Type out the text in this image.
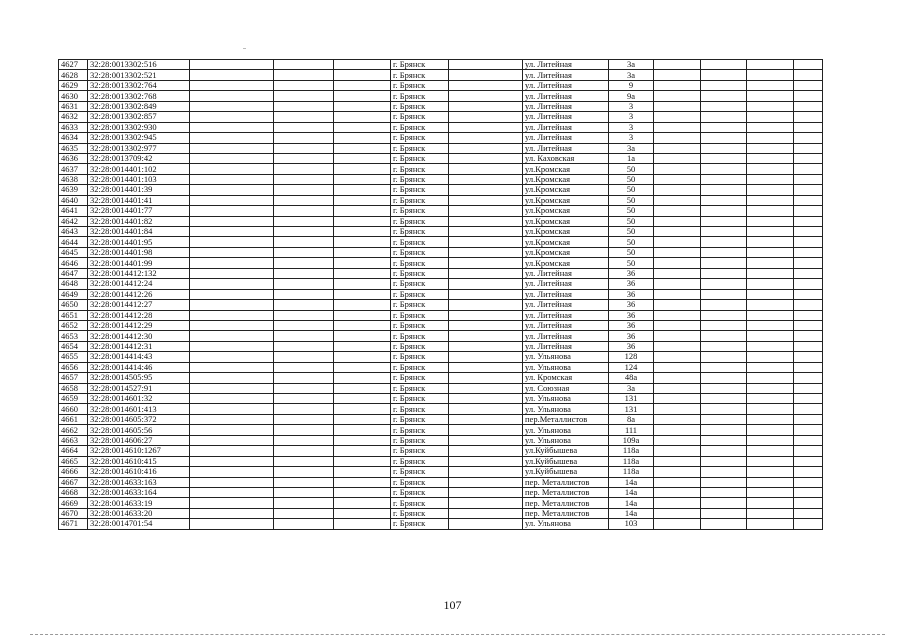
4627	32:28:0013302:516				г. Брянск		ул. Литейная	3а				
4628	32:28:0013302:521				г. Брянск		ул. Литейная	3а				
4629	32:28:0013302:764				г. Брянск		ул. Литейная	9				
4630	32:28:0013302:768				г. Брянск		ул. Литейная	9а				
4631	32:28:0013302:849				г. Брянск		ул. Литейная	3				
4632	32:28:0013302:857				г. Брянск		ул. Литейная	3				
4633	32:28:0013302:930				г. Брянск		ул. Литейная	3				
4634	32:28:0013302:945				г. Брянск		ул. Литейная	3				
4635	32:28:0013302:977				г. Брянск		ул. Литейная	3а				
4636	32:28:0013709:42				г. Брянск		ул. Каховская	1а				
4637	32:28:0014401:102				г. Брянск		ул.Кромская	50				
4638	32:28:0014401:103				г. Брянск		ул.Кромская	50				
4639	32:28:0014401:39				г. Брянск		ул.Кромская	50				
4640	32:28:0014401:41				г. Брянск		ул.Кромская	50				
4641	32:28:0014401:77				г. Брянск		ул.Кромская	50				
4642	32:28:0014401:82				г. Брянск		ул.Кромская	50				
4643	32:28:0014401:84				г. Брянск		ул.Кромская	50				
4644	32:28:0014401:95				г. Брянск		ул.Кромская	50				
4645	32:28:0014401:98				г. Брянск		ул.Кромская	50				
4646	32:28:0014401:99				г. Брянск		ул.Кромская	50				
4647	32:28:0014412:132				г. Брянск		ул. Литейная	36				
4648	32:28:0014412:24				г. Брянск		ул. Литейная	36				
4649	32:28:0014412:26				г. Брянск		ул. Литейная	36				
4650	32:28:0014412:27				г. Брянск		ул. Литейная	36				
4651	32:28:0014412:28				г. Брянск		ул. Литейная	36				
4652	32:28:0014412:29				г. Брянск		ул. Литейная	36				
4653	32:28:0014412:30				г. Брянск		ул. Литейная	36				
4654	32:28:0014412:31				г. Брянск		ул. Литейная	36				
4655	32:28:0014414:43				г. Брянск		ул. Ульянова	128				
4656	32:28:0014414:46				г. Брянск		ул. Ульянова	124				
4657	32:28:0014505:95				г. Брянск		ул. Кромская	48а				
4658	32:28:0014527:91				г. Брянск		ул. Союзная	3а				
4659	32:28:0014601:32				г. Брянск		ул. Ульянова	131				
4660	32:28:0014601:413				г. Брянск		ул. Ульянова	131				
4661	32:28:0014605:372				г. Брянск		пер.Металлистов	8а				
4662	32:28:0014605:56				г. Брянск		ул. Ульянова	111				
4663	32:28:0014606:27				г. Брянск		ул. Ульянова	109а				
4664	32:28:0014610:1267				г. Брянск		ул.Куйбышева	118а				
4665	32:28:0014610:415				г. Брянск		ул.Куйбышева	118а				
4666	32:28:0014610:416				г. Брянск		ул.Куйбышева	118а				
4667	32:28:0014633:163				г. Брянск		пер. Металлистов	14а				
4668	32:28:0014633:164				г. Брянск		пер. Металлистов	14а				
4669	32:28:0014633:19				г. Брянск		пер. Металлистов	14а				
4670	32:28:0014633:20				г. Брянск		пер. Металлистов	14а				
4671	32:28:0014701:54				г. Брянск		ул. Ульянова	103				
107
